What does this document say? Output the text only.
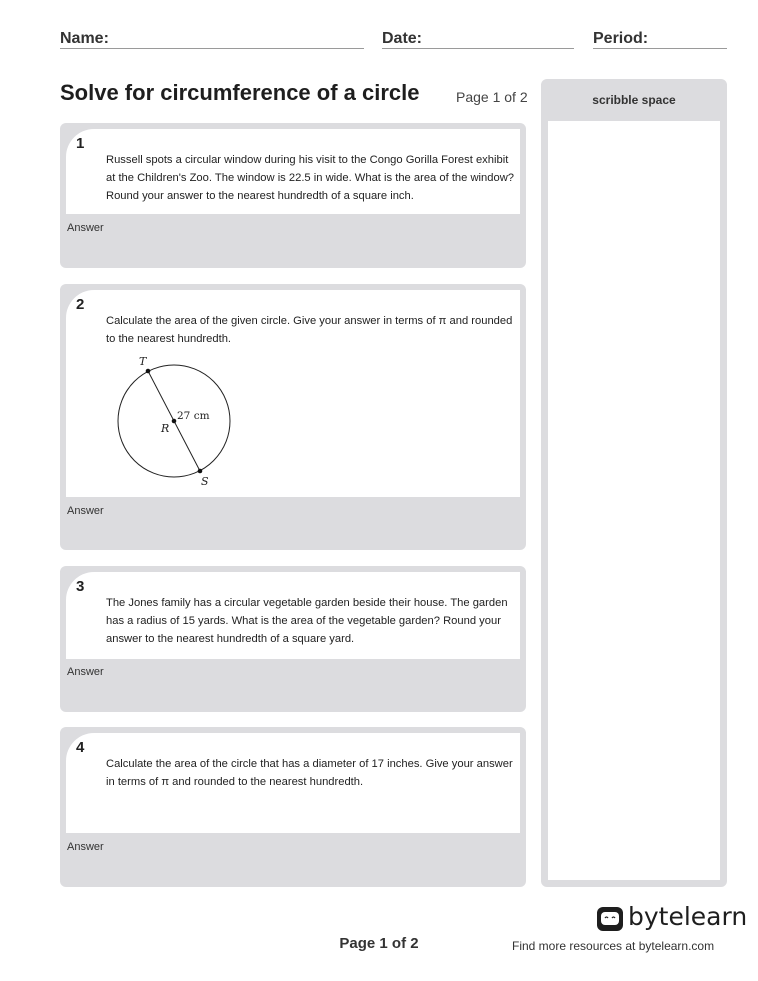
Name:	Date:	Period:
Solve for circumference of a circle	Page 1 of 2	scribble space
1

Russell spots a circular window during his visit to the Congo Gorilla Forest exhibit at the Children's Zoo. The window is 22.5 in wide. What is the area of the window? Round your answer to the nearest hundredth of a square inch.

Answer
2

Calculate the area of the given circle. Give your answer in terms of π and rounded to the nearest hundredth.

T
R
S
27 cm
Answer
3

The Jones family has a circular vegetable garden beside their house. The garden has a radius of 15 yards. What is the area of the vegetable garden? Round your answer to the nearest hundredth of a square yard.

Answer
4

Calculate the area of the circle that has a diameter of 17 inches. Give your answer in terms of π and rounded to the nearest hundredth.

Answer
Page 1 of 2
bytelearn
Find more resources at bytelearn.com
